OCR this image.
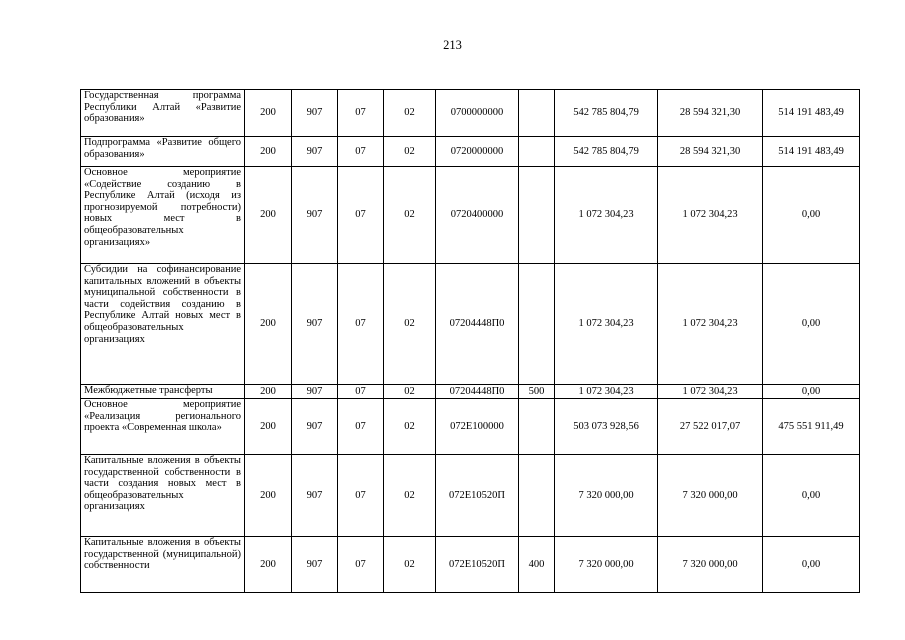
213
Государственная программа Республики Алтай «Развитие образования»	200	907	07	02	0700000000		542 785 804,79	28 594 321,30	514 191 483,49
Подпрограмма «Развитие общего образования»	200	907	07	02	0720000000		542 785 804,79	28 594 321,30	514 191 483,49
Основное мероприятие «Содействие созданию в Республике Алтай (исходя из прогнозируемой потребности) новых мест в общеобразовательных организациях»	200	907	07	02	0720400000		1 072 304,23	1 072 304,23	0,00
Субсидии на софинансирование капитальных вложений в объекты муниципальной собственности в части содействия созданию в Республике Алтай новых мест в общеобразовательных организациях	200	907	07	02	07204448П0		1 072 304,23	1 072 304,23	0,00
Межбюджетные трансферты	200	907	07	02	07204448П0	500	1 072 304,23	1 072 304,23	0,00
Основное мероприятие «Реализация регионального проекта «Современная школа»	200	907	07	02	072Е100000		503 073 928,56	27 522 017,07	475 551 911,49
Капитальные вложения в объекты государственной собственности в части создания новых мест в общеобразовательных организациях	200	907	07	02	072Е10520П		7 320 000,00	7 320 000,00	0,00
Капитальные вложения в объекты государственной (муниципальной) собственности	200	907	07	02	072Е10520П	400	7 320 000,00	7 320 000,00	0,00
